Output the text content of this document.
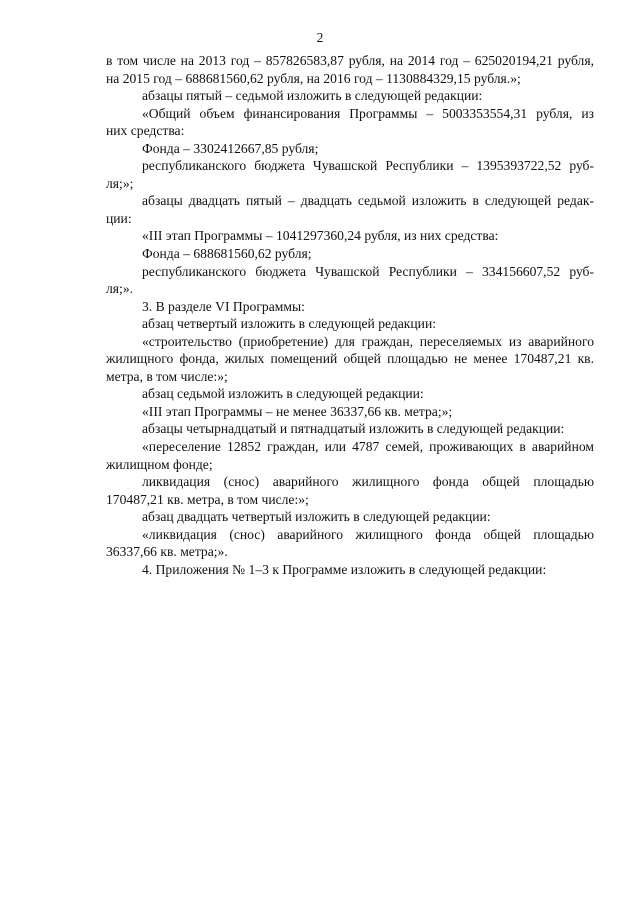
2
в том числе на 2013 год – 857826583,87 рубля, на 2014 год – 625020194,21 рубля,
на 2015 год – 688681560,62 рубля, на 2016 год – 1130884329,15 рубля.»;
абзацы пятый – седьмой изложить в следующей редакции:
«Общий объем финансирования Программы – 5003353554,31 рубля, из
них средства:
Фонда – 3302412667,85 рубля;
республиканского бюджета Чувашской Республики – 1395393722,52 руб-
ля;»;
абзацы двадцать пятый – двадцать седьмой изложить в следующей редак-
ции:
«III этап Программы – 1041297360,24 рубля, из них средства:
Фонда – 688681560,62 рубля;
республиканского бюджета Чувашской Республики – 334156607,52 руб-
ля;».
3. В разделе VI Программы:
абзац четвертый изложить в следующей редакции:
«строительство (приобретение) для граждан, переселяемых из аварийного
жилищного фонда, жилых помещений общей площадью не менее 170487,21 кв.
метра, в том числе:»;
абзац седьмой изложить в следующей редакции:
«III этап Программы – не менее 36337,66 кв. метра;»;
абзацы четырнадцатый и пятнадцатый изложить в следующей редакции:
«переселение 12852 граждан, или 4787 семей, проживающих в аварийном
жилищном фонде;
ликвидация (снос) аварийного жилищного фонда общей площадью
170487,21 кв. метра, в том числе:»;
абзац двадцать четвертый изложить в следующей редакции:
«ликвидация (снос) аварийного жилищного фонда общей площадью
36337,66 кв. метра;».
4. Приложения № 1–3 к Программе изложить в следующей редакции:
